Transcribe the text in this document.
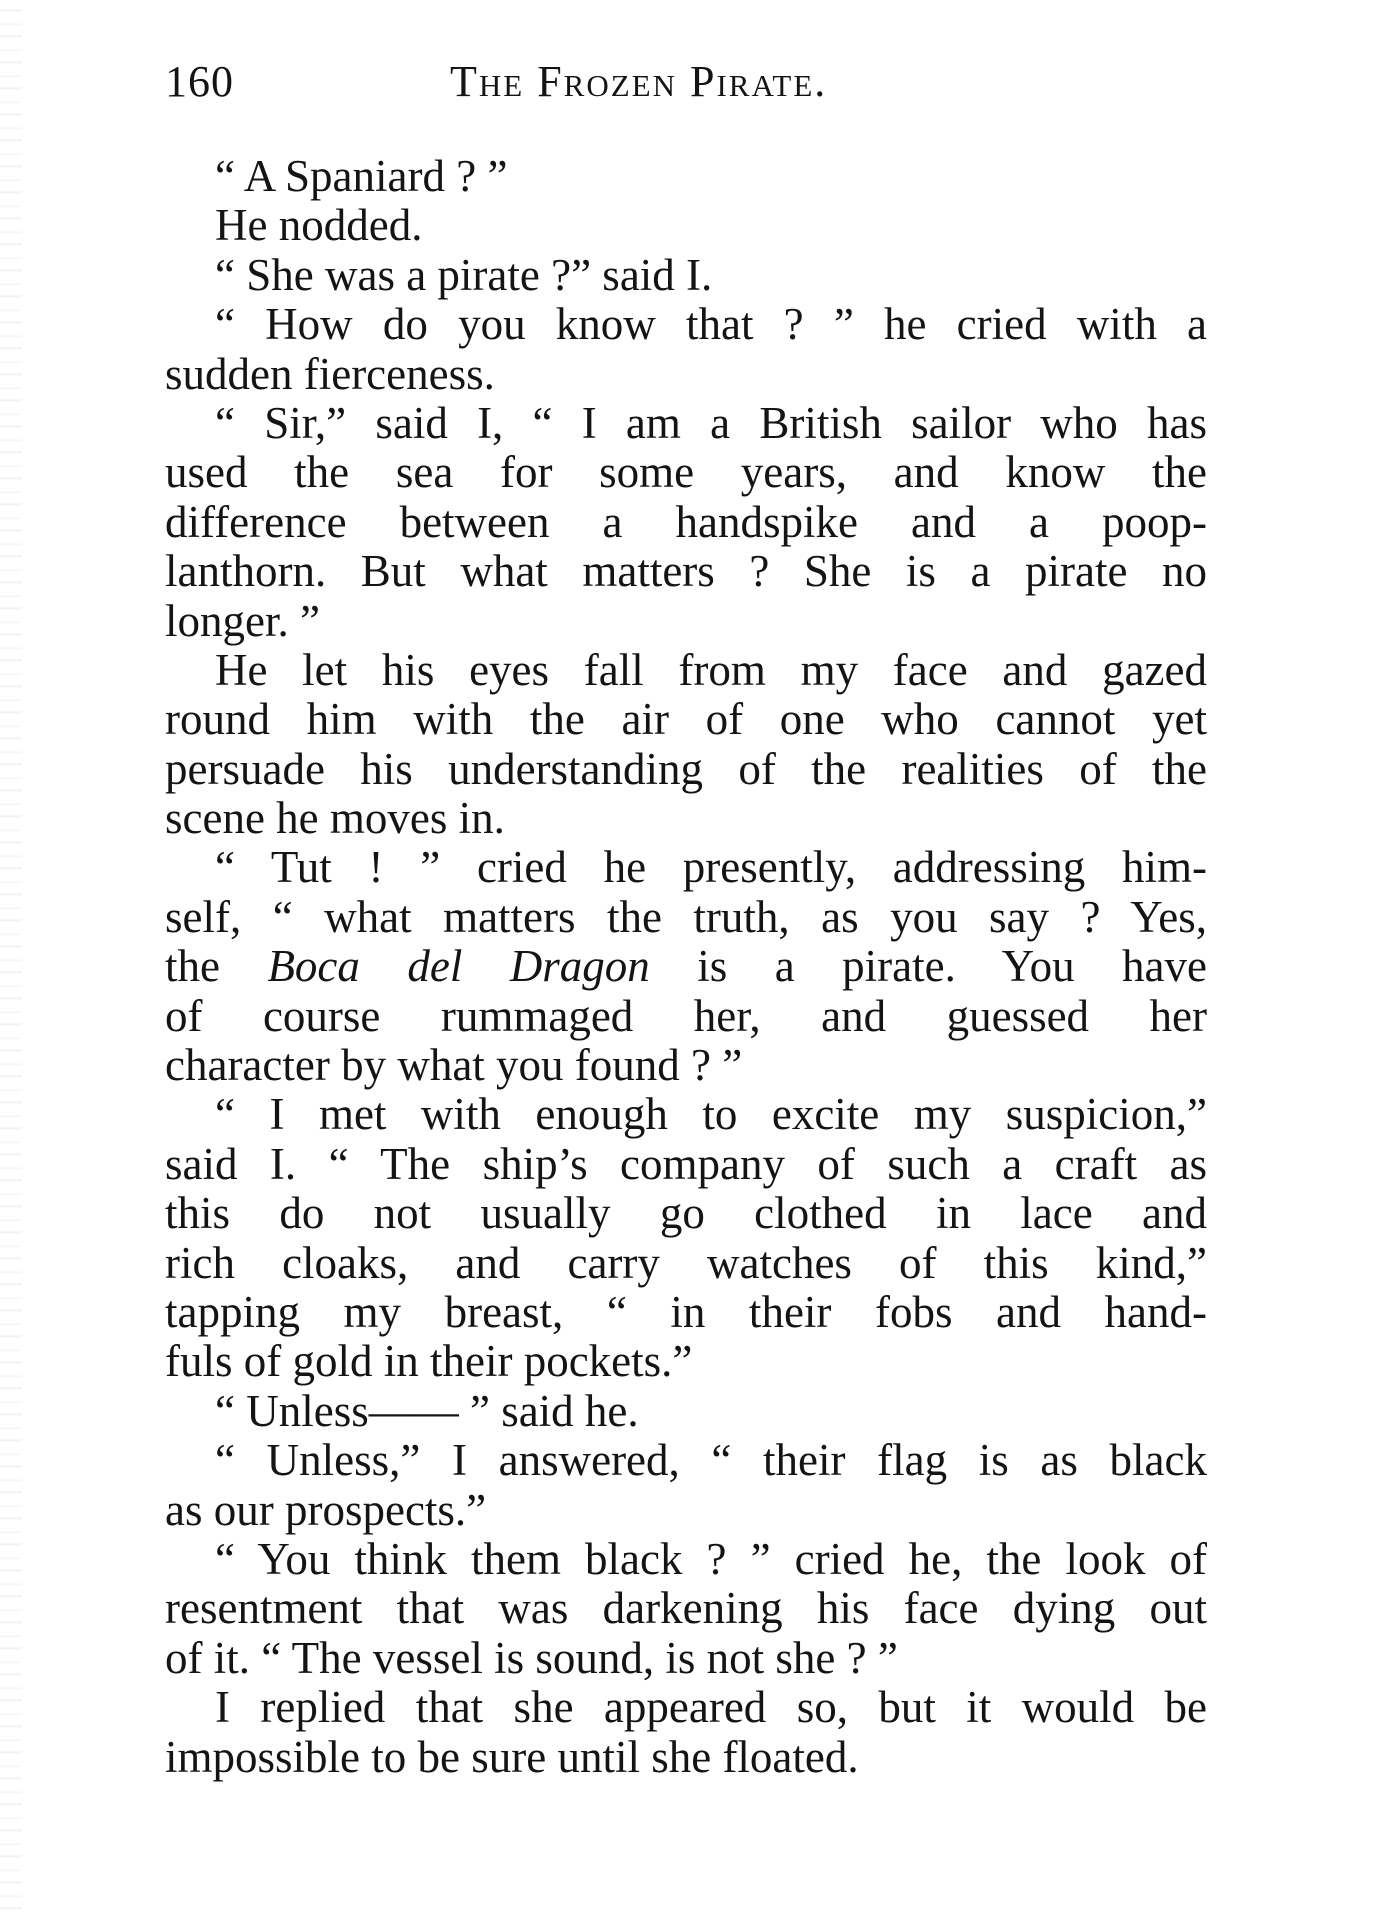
160	The Frozen Pirate.
“ A Spaniard ? ”
He nodded.
“ She was a pirate ?” said I.
“ How do you know that ? ” he cried with a
sudden fierceness.
“ Sir,” said I, “ I am a British sailor who has
used the sea for some years, and know the
difference between a handspike and a poop-
lanthorn. But what matters ? She is a pirate no
longer. ”
He let his eyes fall from my face and gazed
round him with the air of one who cannot yet
persuade his understanding of the realities of the
scene he moves in.
“ Tut ! ” cried he presently, addressing him-
self, “ what matters the truth, as you say ? Yes,
the Boca del Dragon is a pirate. You have
of course rummaged her, and guessed her
character by what you found ? ”
“ I met with enough to excite my suspicion,”
said I. “ The ship’s company of such a craft as
this do not usually go clothed in lace and
rich cloaks, and carry watches of this kind,”
tapping my breast, “ in their fobs and hand-
fuls of gold in their pockets.”
“ Unless—— ” said he.
“ Unless,” I answered, “ their flag is as black
as our prospects.”
“ You think them black ? ” cried he, the look of
resentment that was darkening his face dying out
of it. “ The vessel is sound, is not she ? ”
I replied that she appeared so, but it would be
impossible to be sure until she floated.
